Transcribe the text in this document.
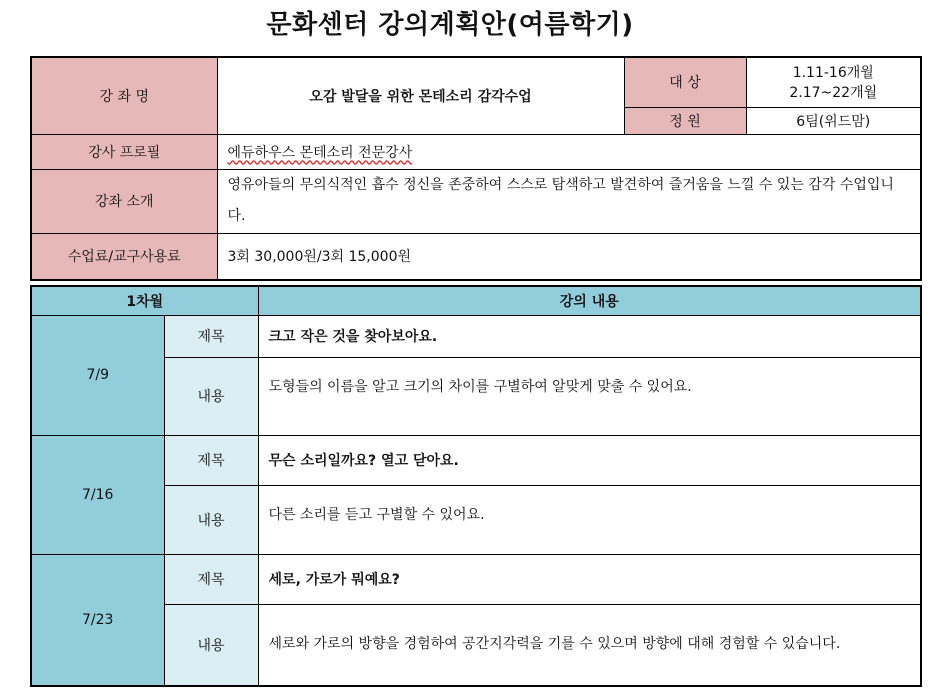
문화센터 강의계획안(여름학기)
강 좌 명	오감 발달을 위한 몬테소리 감각수업	대 상	1.11-16개월
2.17~22개월

		정 원	6팀(위드맘)
강사 프로필	에듀하우스 몬테소리 전문강사		
강좌 소개	영유아들의 무의식적인 흡수 정신을 존중하여 스스로 탐색하고 발견하여 즐거움을 느낄 수 있는 감각 수업입니다.		
수업료/교구사용료	3회 30,000원/3회 15,000원		
1차월		강의 내용
7/9	제목	크고 작은 것을 찾아보아요.
	내용	도형들의 이름을 알고 크기의 차이를 구별하여 알맞게 맞출 수 있어요.
7/16	제목	무슨 소리일까요? 열고 닫아요.
	내용	다른 소리를 듣고 구별할 수 있어요.
7/23	제목	세로, 가로가 뭐예요?
	내용	세로와 가로의 방향을 경험하여 공간지각력을 기를 수 있으며 방향에 대해 경험할 수 있습니다.
